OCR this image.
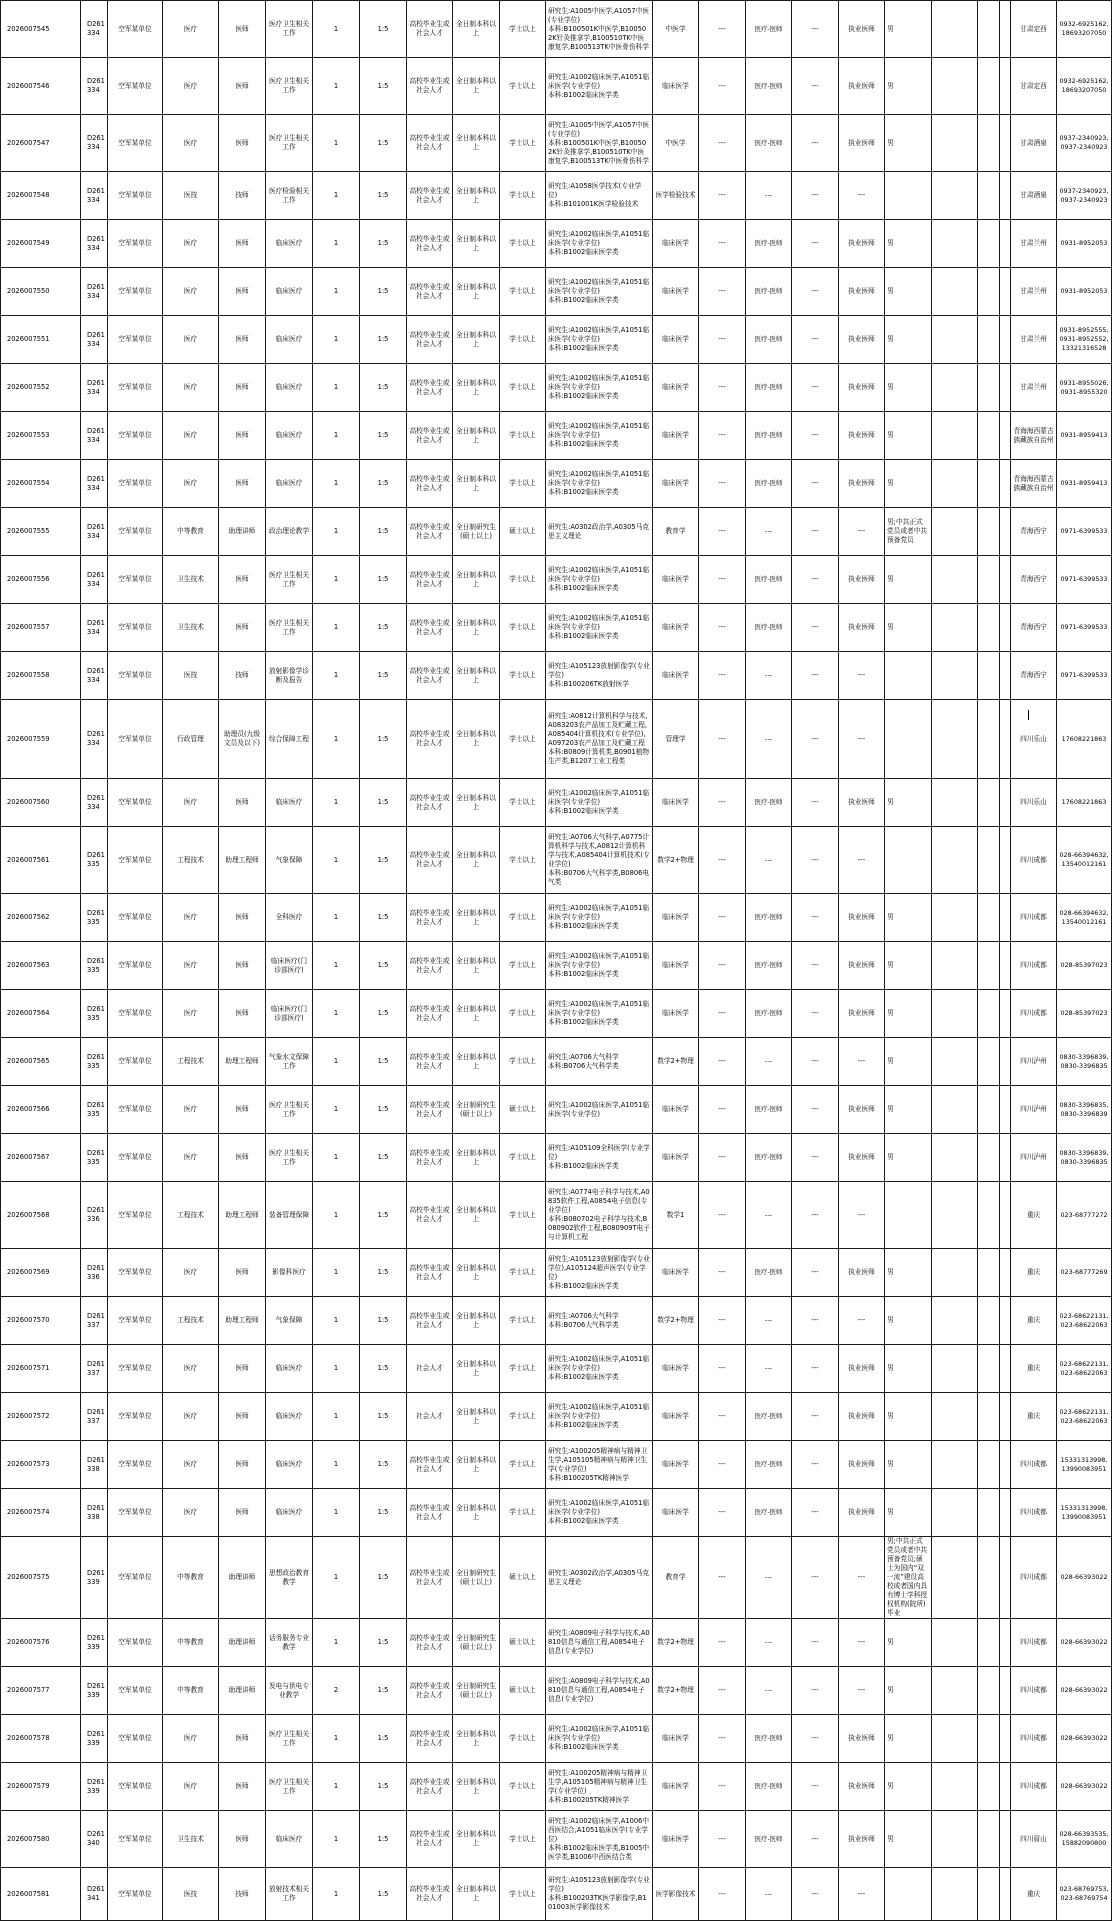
2026007545	D261334	空军某单位	医疗	医师	医疗卫生相关工作	1	1:5	高校毕业生或社会人才	全日制本科以上	学士以上	研究生:A1005中医学,A1057中医(专业学位)
本科:B100501K中医学,B100502K针灸推拿学,B100510TK中医康复学,B100513TK中医骨伤科学	中医学	---	医疗-医师	---	执业医师	男				甘肃定西	0932-6925162,18693207050
2026007546	D261334	空军某单位	医疗	医师	医疗卫生相关工作	1	1:5	高校毕业生或社会人才	全日制本科以上	学士以上	研究生:A1002临床医学,A1051临床医学(专业学位)
本科:B1002临床医学类	临床医学	---	医疗-医师	---	执业医师	男				甘肃定西	0932-6925162,18693207050
2026007547	D261334	空军某单位	医疗	医师	医疗卫生相关工作	1	1:5	高校毕业生或社会人才	全日制本科以上	学士以上	研究生:A1005中医学,A1057中医(专业学位)
本科:B100501K中医学,B100502K针灸推拿学,B100510TK中医康复学,B100513TK中医骨伤科学	中医学	---	医疗-医师	---	执业医师	男				甘肃酒泉	0937-2340923,0937-2340923
2026007548	D261334	空军某单位	医技	技师	医疗检验相关工作	1	1:5	高校毕业生或社会人才	全日制本科以上	学士以上	研究生:A1058医学技术(专业学位)
本科:B101001K医学检验技术	医学检验技术	---	---	---	---					甘肃酒泉	0937-2340923,0937-2340923
2026007549	D261334	空军某单位	医疗	医师	临床医疗	1	1:5	高校毕业生或社会人才	全日制本科以上	学士以上	研究生:A1002临床医学,A1051临床医学(专业学位)
本科:B1002临床医学类	临床医学	---	医疗-医师	---	执业医师	男				甘肃兰州	0931-8952053
2026007550	D261334	空军某单位	医疗	医师	临床医疗	1	1:5	高校毕业生或社会人才	全日制本科以上	学士以上	研究生:A1002临床医学,A1051临床医学(专业学位)
本科:B1002临床医学类	临床医学	---	医疗-医师	---	执业医师	男				甘肃兰州	0931-8952053
2026007551	D261334	空军某单位	医疗	医师	临床医疗	1	1:5	高校毕业生或社会人才	全日制本科以上	学士以上	研究生:A1002临床医学,A1051临床医学(专业学位)
本科:B1002临床医学类	临床医学	---	医疗-医师	---	执业医师	男				甘肃兰州	0931-8952555,0931-8952552,13321316528
2026007552	D261334	空军某单位	医疗	医师	临床医疗	1	1:5	高校毕业生或社会人才	全日制本科以上	学士以上	研究生:A1002临床医学,A1051临床医学(专业学位)
本科:B1002临床医学类	临床医学	---	医疗-医师	---	执业医师	男				甘肃兰州	0931-8955026,0931-8955320
2026007553	D261334	空军某单位	医疗	医师	临床医疗	1	1:5	高校毕业生或社会人才	全日制本科以上	学士以上	研究生:A1002临床医学,A1051临床医学(专业学位)
本科:B1002临床医学类	临床医学	---	医疗-医师	---	执业医师	男				青海海西蒙古族藏族自治州	0931-8959413
2026007554	D261334	空军某单位	医疗	医师	临床医疗	1	1:5	高校毕业生或社会人才	全日制本科以上	学士以上	研究生:A1002临床医学,A1051临床医学(专业学位)
本科:B1002临床医学类	临床医学	---	医疗-医师	---	执业医师	男				青海海西蒙古族藏族自治州	0931-8959413
2026007555	D261334	空军某单位	中等教育	助理讲师	政治理论教学	1	1:5	高校毕业生或社会人才	全日制研究生(硕士以上)	硕士以上	研究生:A0302政治学,A0305马克思主义理论	教育学	---	---	---	---	男;中共正式党员或者中共预备党员				青海西宁	0971-6399533
2026007556	D261334	空军某单位	卫生技术	医师	医疗卫生相关工作	1	1:5	高校毕业生或社会人才	全日制本科以上	学士以上	研究生:A1002临床医学,A1051临床医学(专业学位)
本科:B1002临床医学类	临床医学	---	医疗-医师	---	执业医师	男				青海西宁	0971-6399533
2026007557	D261334	空军某单位	卫生技术	医师	医疗卫生相关工作	1	1:5	高校毕业生或社会人才	全日制本科以上	学士以上	研究生:A1002临床医学,A1051临床医学(专业学位)
本科:B1002临床医学类	临床医学	---	医疗-医师	---	执业医师	男				青海西宁	0971-6399533
2026007558	D261334	空军某单位	医技	技师	放射影像学诊断及报告	1	1:5	高校毕业生或社会人才	全日制本科以上	学士以上	研究生:A105123放射影像学(专业学位)
本科:B100206TK放射医学	临床医学	---	---	---	---					青海西宁	0971-6399533
2026007559	D261334	空军某单位	行政管理	助理员(九级文员及以下)	综合保障工程	1	1:5	高校毕业生或社会人才	全日制本科以上	学士以上	研究生:A0812计算机科学与技术,A083203农产品加工及贮藏工程,A085404计算机技术(专业学位),A097203农产品加工及贮藏工程
本科:B0809计算机类,B0901植物生产类,B1207工业工程类	管理学	---	---	---	---					四川乐山	17608221863
2026007560	D261334	空军某单位	医疗	医师	临床医疗	1	1:5	高校毕业生或社会人才	全日制本科以上	学士以上	研究生:A1002临床医学,A1051临床医学(专业学位)
本科:B1002临床医学类	临床医学	---	医疗-医师	---	执业医师	男				四川乐山	17608221863
2026007561	D261335	空军某单位	工程技术	助理工程师	气象保障	1	1:5	高校毕业生或社会人才	全日制本科以上	学士以上	研究生:A0706大气科学,A0775计算机科学与技术,A0812计算机科学与技术,A085404计算机技术(专业学位)
本科:B0706大气科学类,B0806电气类	数学2+物理	---	---	---	---					四川成都	028-66394632,13540012161
2026007562	D261335	空军某单位	医疗	医师	全科医疗	1	1:5	高校毕业生或社会人才	全日制本科以上	学士以上	研究生:A1002临床医学,A1051临床医学(专业学位)
本科:B1002临床医学类	临床医学	---	医疗-医师	---	执业医师	男				四川成都	028-66394632,13540012161
2026007563	D261335	空军某单位	医疗	医师	临床医疗(门诊部医疗)	1	1:5	高校毕业生或社会人才	全日制本科以上	学士以上	研究生:A1002临床医学,A1051临床医学(专业学位)
本科:B1002临床医学类	临床医学	---	医疗-医师	---	执业医师	男				四川成都	028-85397023
2026007564	D261335	空军某单位	医疗	医师	临床医疗(门诊部医疗)	1	1:5	高校毕业生或社会人才	全日制本科以上	学士以上	研究生:A1002临床医学,A1051临床医学(专业学位)
本科:B1002临床医学类	临床医学	---	医疗-医师	---	执业医师	男				四川成都	028-85397023
2026007565	D261335	空军某单位	工程技术	助理工程师	气象水文保障工作	1	1:5	高校毕业生或社会人才	全日制本科以上	学士以上	研究生:A0706大气科学
本科:B0706大气科学类	数学2+物理	---	---	---	---	男				四川泸州	0830-3396839,0830-3396835
2026007566	D261335	空军某单位	医疗	医师	医疗卫生相关工作	1	1:5	高校毕业生或社会人才	全日制研究生(硕士以上)	硕士以上	研究生:A1002临床医学,A1051临床医学(专业学位)	临床医学	---	医疗-医师	---	执业医师	男				四川泸州	0830-3396835,0830-3396839
2026007567	D261335	空军某单位	医疗	医师	医疗卫生相关工作	1	1:5	高校毕业生或社会人才	全日制本科以上	学士以上	研究生:A105109全科医学(专业学位)
本科:B1002临床医学类	临床医学	---	医疗-医师	---	执业医师	男				四川泸州	0830-3396839,0830-3396835
2026007568	D261336	空军某单位	工程技术	助理工程师	装备管理保障	1	1:5	高校毕业生或社会人才	全日制本科以上	学士以上	研究生:A0774电子科学与技术,A0835软件工程,A0854电子信息(专业学位)
本科:B080702电子科学与技术,B080902软件工程,B080909T电子与计算机工程	数学1	---	---	---	---					重庆	023-68777272
2026007569	D261336	空军某单位	医疗	医师	影像科医疗	1	1:5	高校毕业生或社会人才	全日制本科以上	学士以上	研究生:A105123放射影像学(专业学位),A105124超声医学(专业学位)
本科:B1002临床医学类	临床医学	---	医疗-医师	---	执业医师	男				重庆	023-68777269
2026007570	D261337	空军某单位	工程技术	助理工程师	气象保障	1	1:5	高校毕业生或社会人才	全日制本科以上	学士以上	研究生:A0706大气科学
本科:B0706大气科学类	数学2+物理	---	---	---	---	男				重庆	023-68622131,023-68622063
2026007571	D261337	空军某单位	医疗	医师	临床医疗	1	1:5	社会人才	全日制本科以上	学士以上	研究生:A1002临床医学,A1051临床医学(专业学位)
本科:B1002临床医学类	临床医学	---	---	---	执业医师	男				重庆	023-68622131,023-68622063
2026007572	D261337	空军某单位	医疗	医师	临床医疗	1	1:5	社会人才	全日制本科以上	学士以上	研究生:A1002临床医学,A1051临床医学(专业学位)
本科:B1002临床医学类	临床医学	---	医疗-医师	---	执业医师	男				重庆	023-68622131,023-68622063
2026007573	D261338	空军某单位	医疗	医师	临床医疗	1	1:5	高校毕业生或社会人才	全日制本科以上	学士以上	研究生:A100205精神病与精神卫生学,A105105精神病与精神卫生学(专业学位)
本科:B100205TK精神医学	临床医学	---	医疗-医师	---	执业医师	男				四川成都	15331313998,13990083951
2026007574	D261338	空军某单位	医疗	医师	临床医疗	1	1:5	高校毕业生或社会人才	全日制本科以上	学士以上	研究生:A1002临床医学,A1051临床医学(专业学位)
本科:B1002临床医学类	临床医学	---	医疗-医师	---	执业医师	男				四川成都	15331313998,13990083951
2026007575	D261339	空军某单位	中等教育	助理讲师	思想政治教育教学	1	1:5	高校毕业生或社会人才	全日制研究生(硕士以上)	硕士以上	研究生:A0302政治学,A0305马克思主义理论	教育学	---	---	---	---	男;中共正式党员或者中共预备党员;硕士为国内“双一流”建设高校或者国内具有博士学科授权机构(院所)毕业				四川成都	028-66393022
2026007576	D261339	空军某单位	中等教育	助理讲师	话务服务专业教学	1	1:5	高校毕业生或社会人才	全日制研究生(硕士以上)	硕士以上	研究生:A0809电子科学与技术,A0810信息与通信工程,A0854电子信息(专业学位)	数学2+物理	---	---	---	---	男				四川成都	028-66393022
2026007577	D261339	空军某单位	中等教育	助理讲师	发电与供电专业教学	2	1:5	高校毕业生或社会人才	全日制研究生(硕士以上)	硕士以上	研究生:A0809电子科学与技术,A0810信息与通信工程,A0854电子信息(专业学位)	数学2+物理	---	---	---	---	男				四川成都	028-66393022
2026007578	D261339	空军某单位	医疗	医师	医疗卫生相关工作	1	1:5	高校毕业生或社会人才	全日制本科以上	学士以上	研究生:A1002临床医学,A1051临床医学(专业学位)
本科:B1002临床医学类	临床医学	---	医疗-医师	---	执业医师	男				四川成都	028-66393022
2026007579	D261339	空军某单位	医疗	医师	医疗卫生相关工作	1	1:5	高校毕业生或社会人才	全日制本科以上	学士以上	研究生:A100205精神病与精神卫生学,A105105精神病与精神卫生学(专业学位)
本科:B100205TK精神医学	临床医学	---	医疗-医师	---	执业医师	男				四川成都	028-66393022
2026007580	D261340	空军某单位	卫生技术	医师	临床医疗	1	1:5	高校毕业生或社会人才	全日制本科以上	学士以上	研究生:A1002临床医学,A1006中西医结合,A1051临床医学(专业学位)
本科:B1002临床医学类,B1005中医学类,B1006中西医结合类	临床医学	---	医疗-医师	---	执业医师	男				四川眉山	028-66393535,15882090800
2026007581	D261341	空军某单位	医技	技师	放射技术相关工作	1	1:5	高校毕业生或社会人才	全日制本科以上	学士以上	研究生:A105123放射影像学(专业学位)
本科:B100203TK医学影像学,B101003医学影像技术	医学影像技术	---	---	---	---					重庆	023-68769753,023-68769754
